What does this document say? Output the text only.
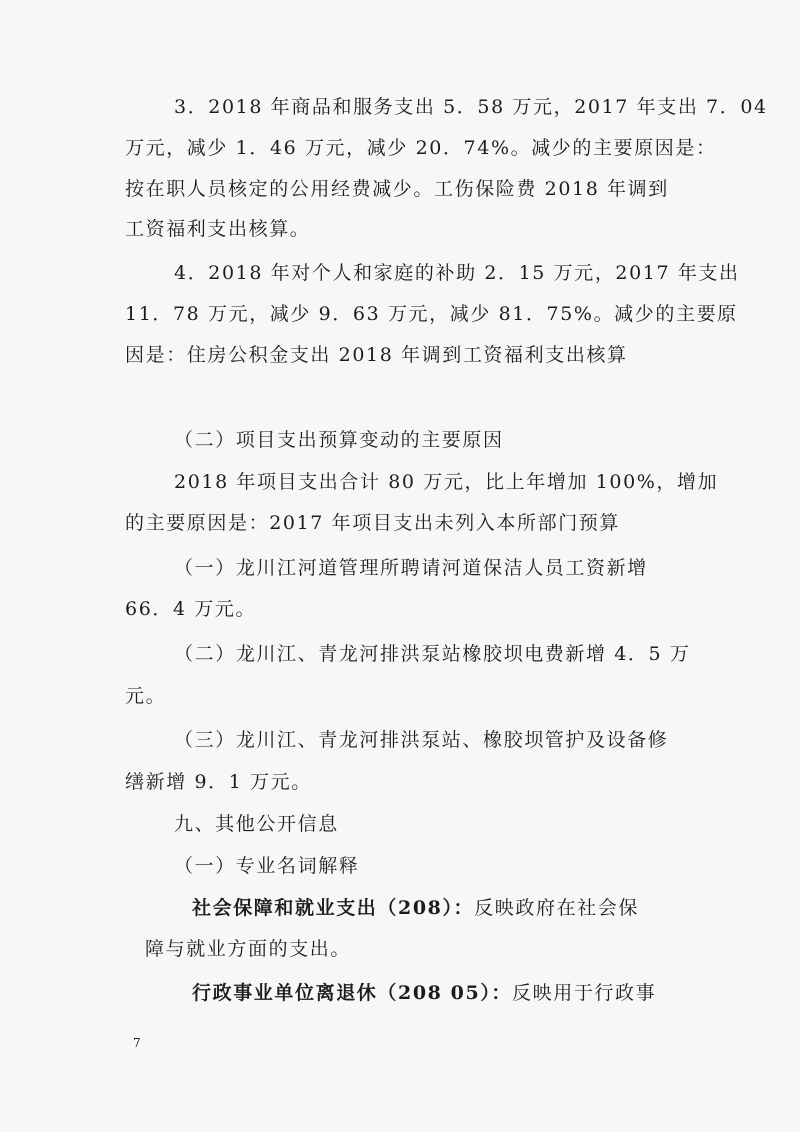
3．2018 年商品和服务支出 5．58 万元，2017 年支出 7．04

万元，减少 1．46 万元，减少 20．74%。减少的主要原因是：
按在职人员核定的公用经费减少。工伤保险费 2018 年调到
工资福利支出核算。

4．2018 年对个人和家庭的补助 2．15 万元，2017 年支出

11．78 万元，减少 9．63 万元，减少 81．75%。减少的主要原
因是：住房公积金支出 2018 年调到工资福利支出核算

（二）项目支出预算变动的主要原因

2018 年项目支出合计 80 万元，比上年增加 100%，增加

的主要原因是：2017 年项目支出未列入本所部门预算

（一）龙川江河道管理所聘请河道保洁人员工资新增

66．4 万元。

（二）龙川江、青龙河排洪泵站橡胶坝电费新增 4．5 万

元。

（三）龙川江、青龙河排洪泵站、橡胶坝管护及设备修

缮新增 9．1 万元。

九、其他公开信息

（一）专业名词解释

社会保障和就业支出（208）：反映政府在社会保

障与就业方面的支出。

行政事业单位离退休（208 05）：反映用于行政事

7
